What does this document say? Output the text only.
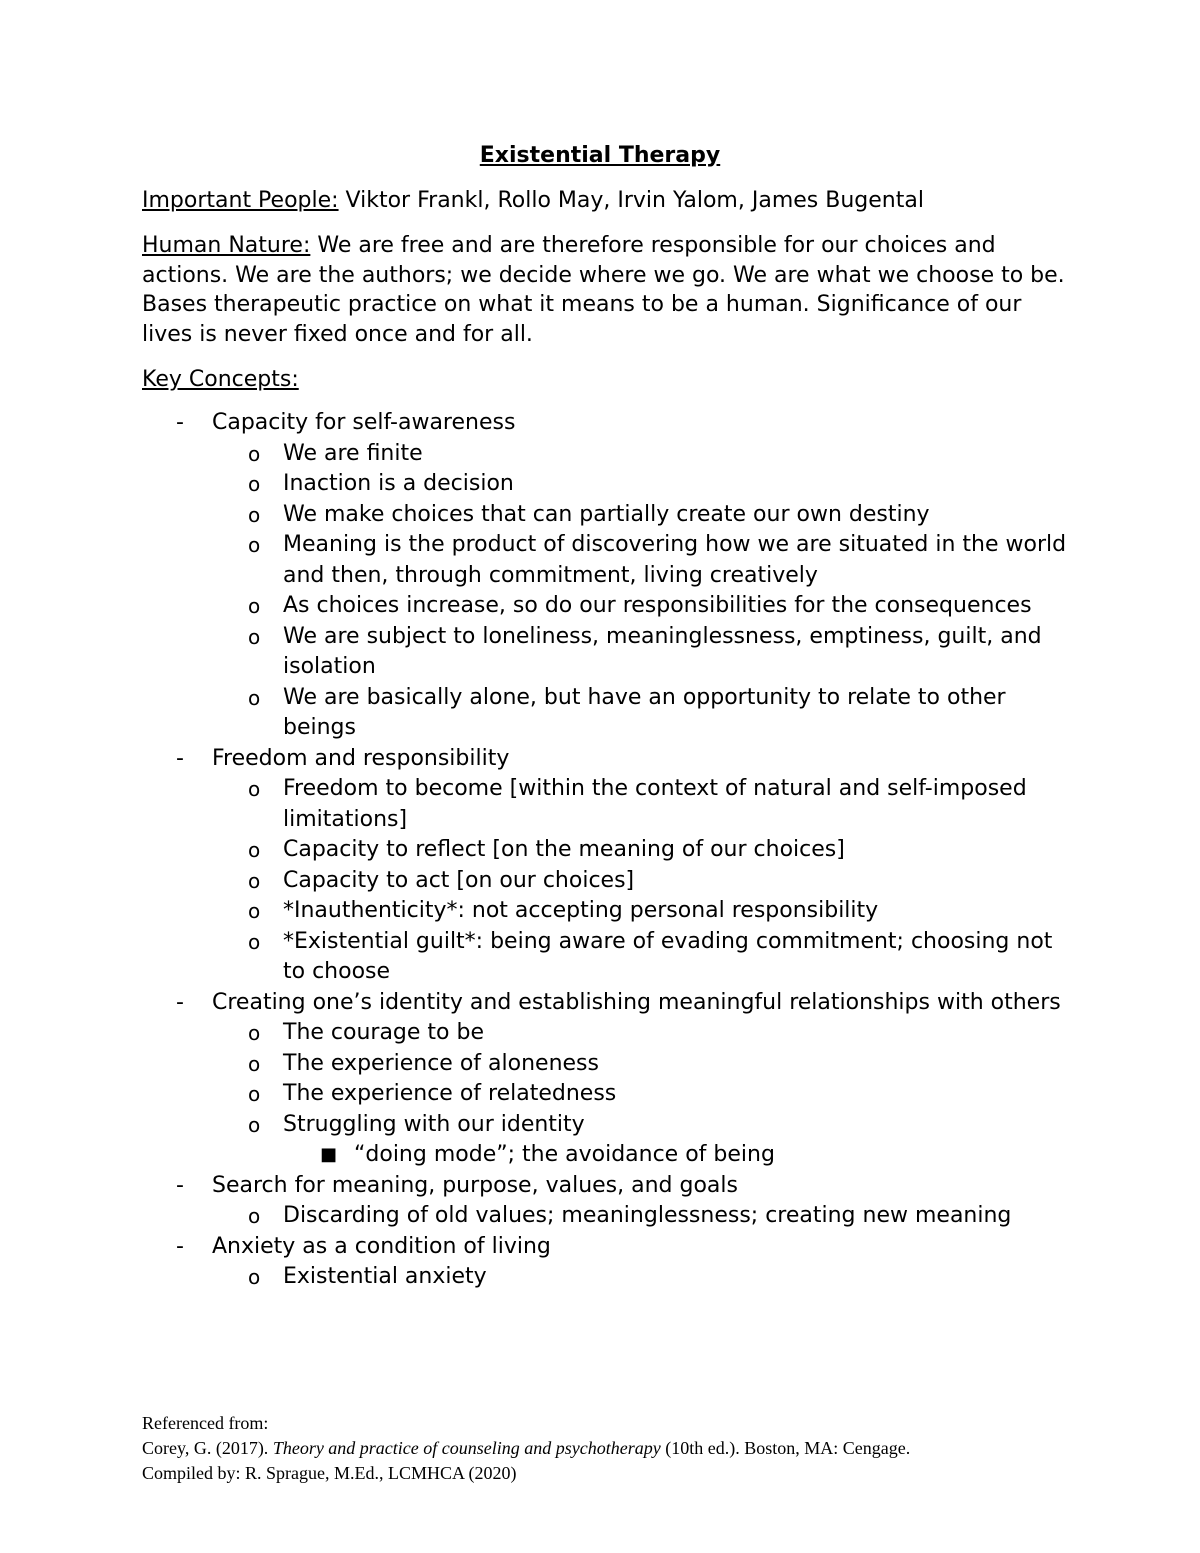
Existential Therapy
Important People: Viktor Frankl, Rollo May, Irvin Yalom, James Bugental
Human Nature: We are free and are therefore responsible for our choices and actions. We are the authors; we decide where we go. We are what we choose to be. Bases therapeutic practice on what it means to be a human. Significance of our lives is never fixed once and for all.
Key Concepts:
- Capacity for self-awareness
o We are finite
o Inaction is a decision
o We make choices that can partially create our own destiny
o Meaning is the product of discovering how we are situated in the world and then, through commitment, living creatively
o As choices increase, so do our responsibilities for the consequences
o We are subject to loneliness, meaninglessness, emptiness, guilt, and isolation
o We are basically alone, but have an opportunity to relate to other beings
- Freedom and responsibility
o Freedom to become [within the context of natural and self-imposed limitations]
o Capacity to reflect [on the meaning of our choices]
o Capacity to act [on our choices]
o *Inauthenticity*: not accepting personal responsibility
o *Existential guilt*: being aware of evading commitment; choosing not to choose
- Creating one’s identity and establishing meaningful relationships with others
o The courage to be
o The experience of aloneness
o The experience of relatedness
o Struggling with our identity
■ “doing mode”; the avoidance of being
- Search for meaning, purpose, values, and goals
o Discarding of old values; meaninglessness; creating new meaning
- Anxiety as a condition of living
o Existential anxiety
Referenced from:
Corey, G. (2017). Theory and practice of counseling and psychotherapy (10th ed.). Boston, MA: Cengage.
Compiled by: R. Sprague, M.Ed., LCMHCA (2020)
